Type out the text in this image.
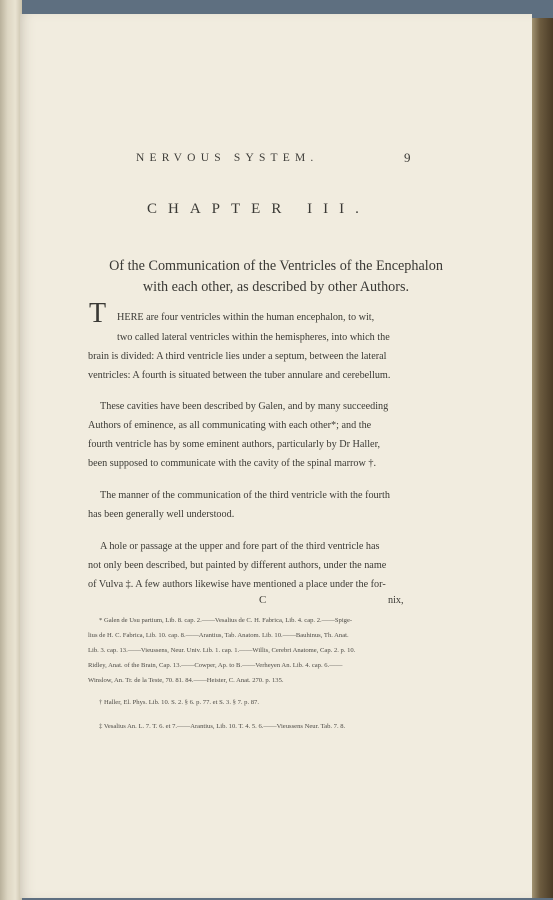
NERVOUS SYSTEM.	9
CHAPTER III.
Of the Communication of the Ventricles of the Encephalon
with each other, as described by other Authors.
T HERE are four ventricles within the human encephalon, to wit,
two called lateral ventricles within the hemispheres, into which the
brain is divided: A third ventricle lies under a septum, between the lateral
ventricles: A fourth is situated between the tuber annulare and cerebellum.
These cavities have been described by Galen, and by many succeeding
Authors of eminence, as all communicating with each other*; and the
fourth ventricle has by some eminent authors, particularly by Dr Haller,
been supposed to communicate with the cavity of the spinal marrow †.
The manner of the communication of the third ventricle with the fourth
has been generally well understood.
A hole or passage at the upper and fore part of the third ventricle has
not only been described, but painted by different authors, under the name
of Vulva ‡. A few authors likewise have mentioned a place under the for-
C	nix,
* Galen de Usu partium, Lib. 8. cap. 2.——Vesalius de C. H. Fabrica, Lib. 4. cap. 2.——Spige-
lius de H. C. Fabrica, Lib. 10. cap. 8.——Arantius, Tab. Anatom. Lib. 10.——Bauhinus, Th. Anat.
Lib. 3. cap. 13.——Vieussens, Neur. Univ. Lib. 1. cap. 1.——Willis, Cerebri Anatome, Cap. 2. p. 10.
Ridley, Anat. of the Brain, Cap. 13.——Cowper, Ap. to B.——Verheyen An. Lib. 4. cap. 6.——
Winslow, An. Tr. de la Teste, 70. 81. 84.——Heister, C. Anat. 270. p. 135.
† Haller, El. Phys. Lib. 10. S. 2. § 6. p. 77. et S. 3. § 7. p. 87.
‡ Vesalius An. L. 7. T. 6. et 7.——Arantius, Lib. 10. T. 4. 5. 6.——Vieussens Neur. Tab. 7. 8.
